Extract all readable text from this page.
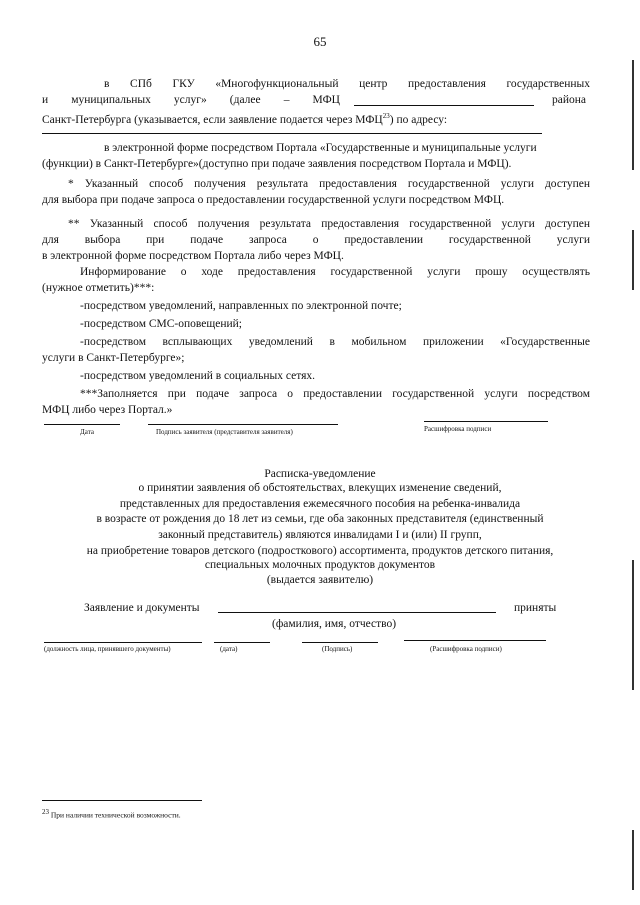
65
в СПб ГКУ «Многофункциональный центр предоставления государственных
и муниципальных услуг» (далее – МФЦ	района
Санкт-Петербурга (указывается, если заявление подается через МФЦ$^{23}$) по адресу:
в электронной форме посредством Портала «Государственные и муниципальные услуги
(функции) в Санкт-Петербурге»(доступно при подаче заявления посредством Портала и МФЦ).
* Указанный способ получения результата предоставления государственной услуги доступен
для выбора при подаче запроса о предоставлении государственной услуги посредством МФЦ.
** Указанный способ получения результата предоставления государственной услуги доступен
для выбора при подаче запроса о предоставлении государственной услуги
в электронной форме посредством Портала либо через МФЦ.
Информирование о ходе предоставления государственной услуги прошу осуществлять
(нужное отметить)***:
-посредством уведомлений, направленных по электронной почте;
-посредством СМС-оповещений;
-посредством всплывающих уведомлений в мобильном приложении «Государственные
услуги в Санкт-Петербурге»;
-посредством уведомлений в социальных сетях.
***Заполняется при подаче запроса о предоставлении государственной услуги посредством
МФЦ либо через Портал.»
Дата	Подпись заявителя (представителя заявителя)	Расшифровка подписи
Расписка-уведомление
о принятии заявления об обстоятельствах, влекущих изменение сведений,
представленных для предоставления ежемесячного пособия на ребенка-инвалида
в возрасте от рождения до 18 лет из семьи, где оба законных представителя (единственный
законный представитель) являются инвалидами I и (или) II групп,
на приобретение товаров детского (подросткового) ассортимента, продуктов детского питания,
специальных молочных продуктов документов
(выдается заявителю)
Заявление и документы	приняты
(фамилия, имя, отчество)
(должность лица, принявшего документы)	(дата)	(Подпись)	(Расшифровка подписи)
$^{23}$ При наличии технической возможности.
